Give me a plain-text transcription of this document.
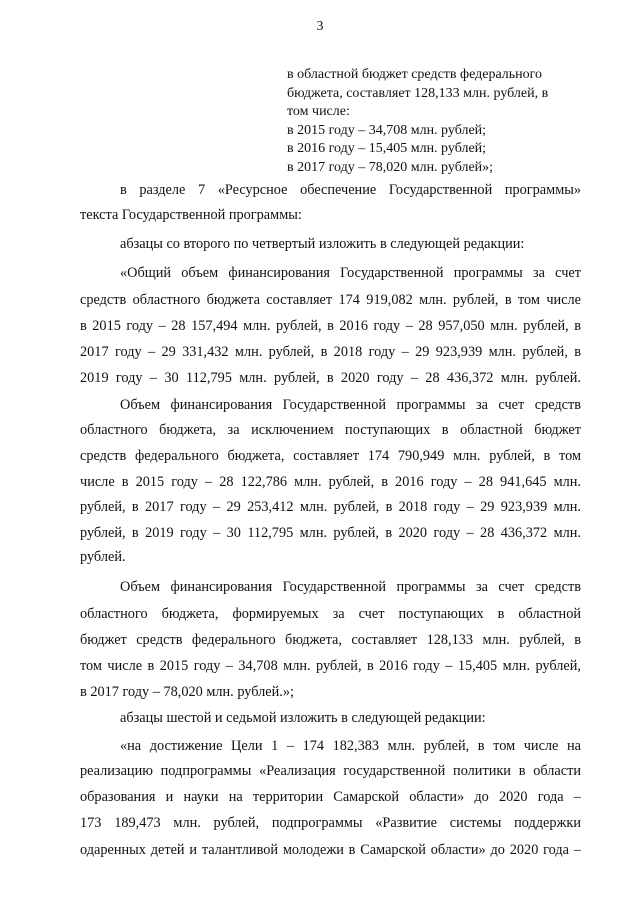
3
в областной бюджет средств федерального
бюджета, составляет 128,133 млн. рублей, в
том числе:
в 2015 году – 34,708 млн. рублей;
в 2016 году – 15,405 млн. рублей;
в 2017 году – 78,020 млн. рублей»;
в разделе 7 «Ресурсное обеспечение Государственной программы»
текста Государственной программы:
абзацы со второго по четвертый изложить в следующей редакции:
«Общий объем финансирования Государственной программы за счет
средств областного бюджета составляет 174 919,082 млн. рублей, в том числе
в 2015 году – 28 157,494 млн. рублей, в 2016 году – 28 957,050 млн. рублей, в
2017 году – 29 331,432 млн. рублей, в 2018 году – 29 923,939 млн. рублей, в
2019 году – 30 112,795 млн. рублей, в 2020 году – 28 436,372 млн. рублей.
Объем финансирования Государственной программы за счет средств
областного бюджета, за исключением поступающих в областной бюджет
средств федерального бюджета, составляет 174 790,949 млн. рублей, в том
числе в 2015 году – 28 122,786 млн. рублей, в 2016 году – 28 941,645 млн.
рублей, в 2017 году – 29 253,412 млн. рублей, в 2018 году – 29 923,939 млн.
рублей, в 2019 году – 30 112,795 млн. рублей, в 2020 году – 28 436,372 млн.
рублей.
Объем финансирования Государственной программы за счет средств
областного бюджета, формируемых за счет поступающих в областной
бюджет средств федерального бюджета, составляет 128,133 млн. рублей, в
том числе в 2015 году – 34,708 млн. рублей, в 2016 году – 15,405 млн. рублей,
в 2017 году – 78,020 млн. рублей.»;
абзацы шестой и седьмой изложить в следующей редакции:
«на достижение Цели 1 – 174 182,383 млн. рублей, в том числе на
реализацию подпрограммы «Реализация государственной политики в области
образования и науки на территории Самарской области» до 2020 года –
173 189,473 млн. рублей, подпрограммы «Развитие системы поддержки
одаренных детей и талантливой молодежи в Самарской области» до 2020 года –
